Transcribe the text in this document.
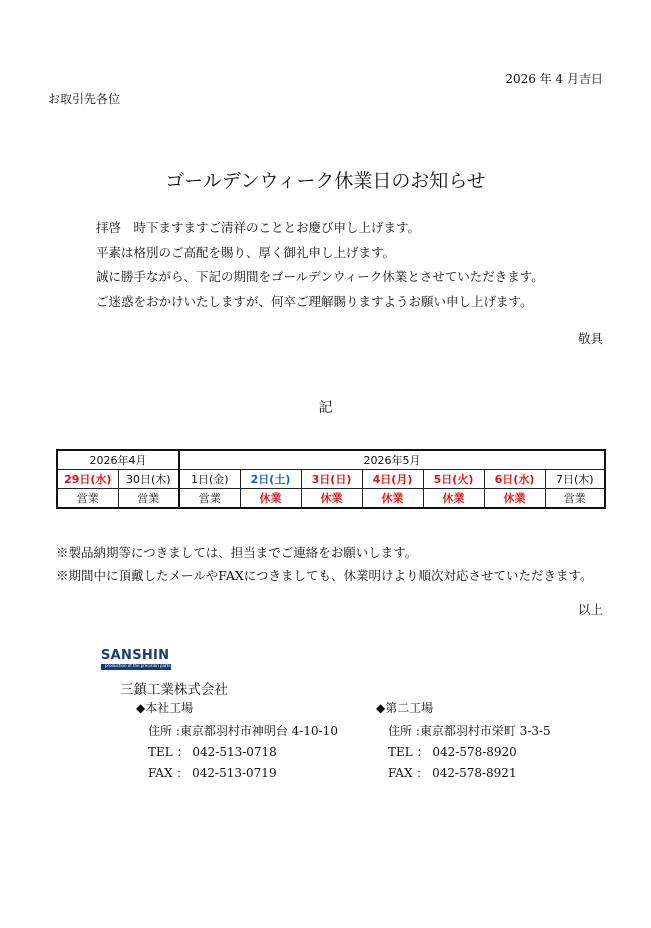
2026 年 4 月吉日
お取引先各位
ゴールデンウィーク休業日のお知らせ
拝啓　時下ますますご清祥のこととお慶び申し上げます。
平素は格別のご高配を賜り、厚く御礼申し上げます。
誠に勝手ながら、下記の期間をゴールデンウィーク休業とさせていただきます。
ご迷惑をおかけいたしますが、何卒ご理解賜りますようお願い申し上げます。
敬具
記
2026年4月		2026年5月						
29日(水)	30日(木)	1日(金)	2日(土)	3日(日)	4日(月)	5日(火)	6日(水)	7日(木)
営業	営業	営業	休業	休業	休業	休業	休業	営業
※製品納期等につきましては、担当までご連絡をお願いします。
※期間中に頂戴したメールやFAXにつきましても、休業明けより順次対応させていただきます。
以上
SANSHIN
production of the precision parts
三鎮工業株式会社
◆本社工場
住所 :東京都羽村市神明台 4-10-10
TEL ： 042-513-0718
FAX ： 042-513-0719
◆第二工場
住所 :東京都羽村市栄町 3-3-5
TEL ： 042-578-8920
FAX ： 042-578-8921
